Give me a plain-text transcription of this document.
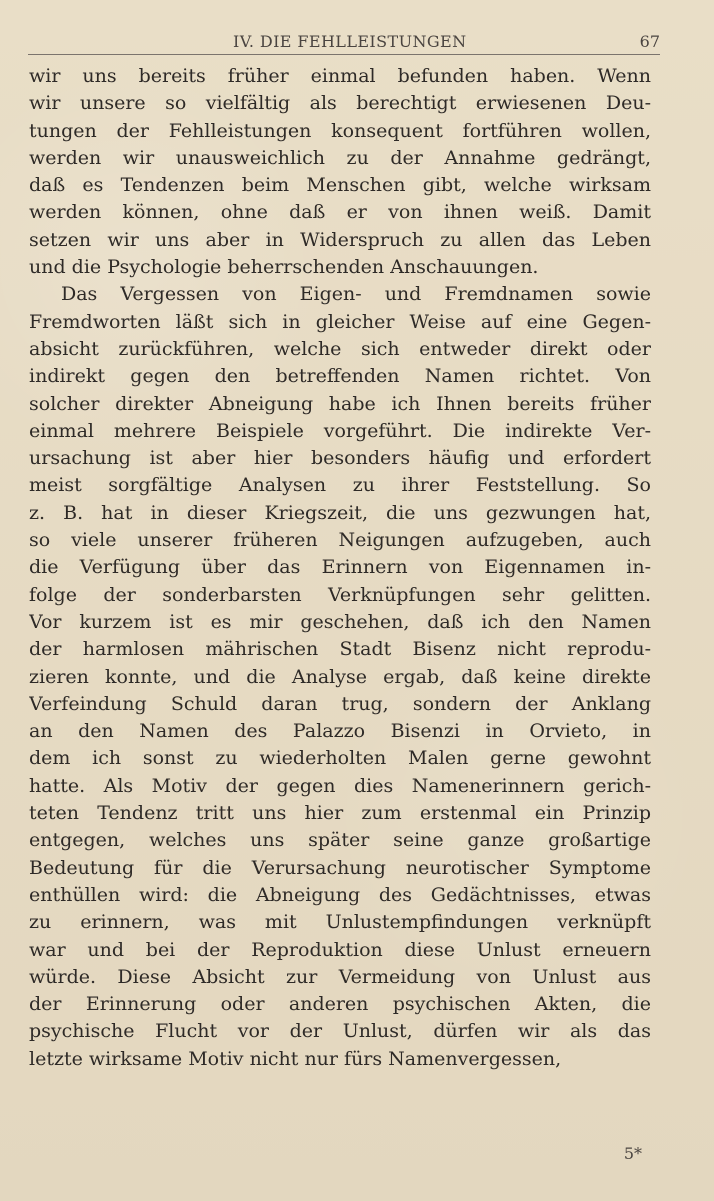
IV. DIE FEHLLEISTUNGEN	67
wir uns bereits früher einmal befunden haben. Wenn
wir unsere so vielfältig als berechtigt erwiesenen Deu-
tungen der Fehlleistungen konsequent fortführen wollen,
werden wir unausweichlich zu der Annahme gedrängt,
daß es Tendenzen beim Menschen gibt, welche wirksam
werden können, ohne daß er von ihnen weiß. Damit
setzen wir uns aber in Widerspruch zu allen das Leben
und die Psychologie beherrschenden Anschauungen.
Das Vergessen von Eigen- und Fremdnamen sowie
Fremdworten läßt sich in gleicher Weise auf eine Gegen-
absicht zurückführen, welche sich entweder direkt oder
indirekt gegen den betreffenden Namen richtet. Von
solcher direkter Abneigung habe ich Ihnen bereits früher
einmal mehrere Beispiele vorgeführt. Die indirekte Ver-
ursachung ist aber hier besonders häufig und erfordert
meist sorgfältige Analysen zu ihrer Feststellung. So
z. B. hat in dieser Kriegszeit, die uns gezwungen hat,
so viele unserer früheren Neigungen aufzugeben, auch
die Verfügung über das Erinnern von Eigennamen in-
folge der sonderbarsten Verknüpfungen sehr gelitten.
Vor kurzem ist es mir geschehen, daß ich den Namen
der harmlosen mährischen Stadt Bisenz nicht reprodu-
zieren konnte, und die Analyse ergab, daß keine direkte
Verfeindung Schuld daran trug, sondern der Anklang
an den Namen des Palazzo Bisenzi in Orvieto, in
dem ich sonst zu wiederholten Malen gerne gewohnt
hatte. Als Motiv der gegen dies Namenerinnern gerich-
teten Tendenz tritt uns hier zum erstenmal ein Prinzip
entgegen, welches uns später seine ganze großartige
Bedeutung für die Verursachung neurotischer Symptome
enthüllen wird: die Abneigung des Gedächtnisses, etwas
zu erinnern, was mit Unlustempfindungen verknüpft
war und bei der Reproduktion diese Unlust erneuern
würde. Diese Absicht zur Vermeidung von Unlust aus
der Erinnerung oder anderen psychischen Akten, die
psychische Flucht vor der Unlust, dürfen wir als das
letzte wirksame Motiv nicht nur fürs Namenvergessen,
5*
